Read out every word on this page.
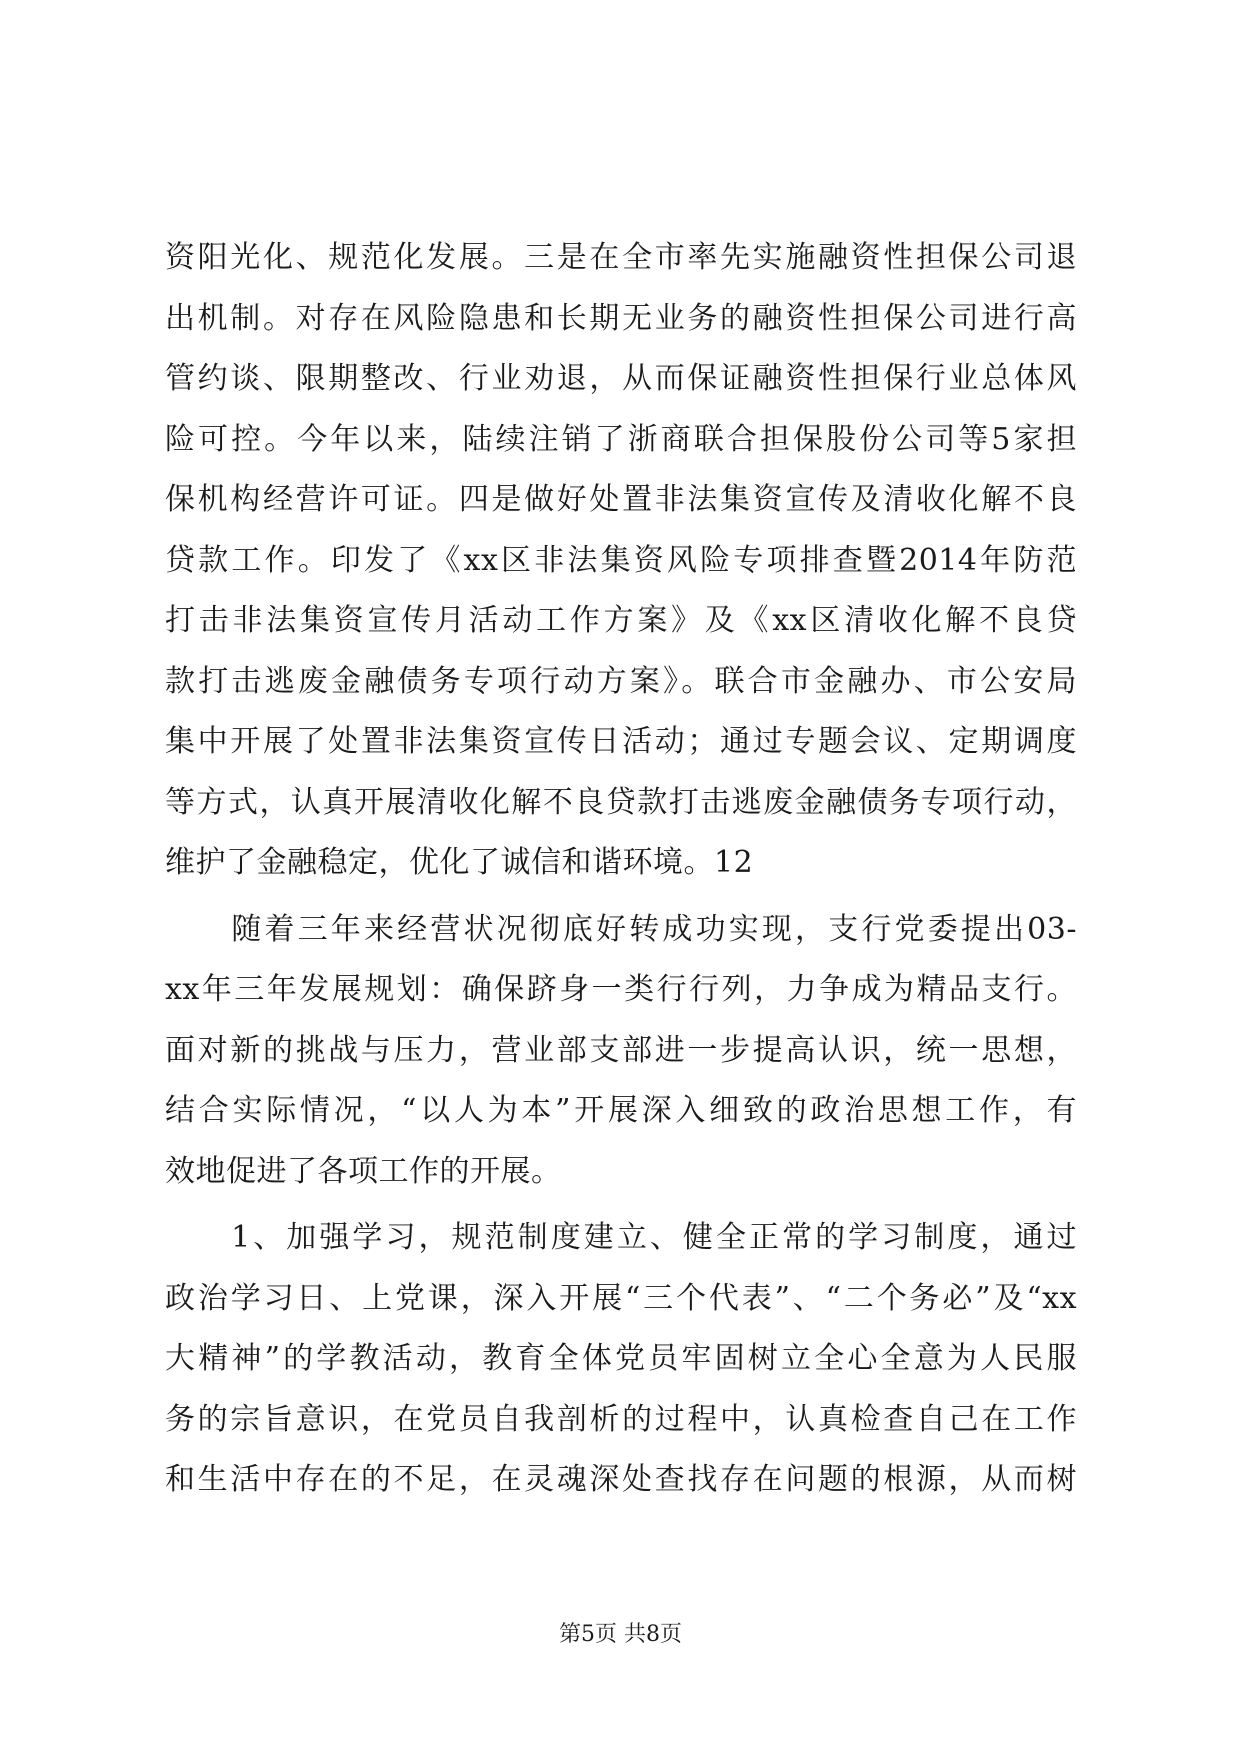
资阳光化、规范化发展。三是在全市率先实施融资性担保公司退
出机制。对存在风险隐患和长期无业务的融资性担保公司进行高
管约谈、限期整改、行业劝退，从而保证融资性担保行业总体风
险可控。今年以来，陆续注销了浙商联合担保股份公司等5家担
保机构经营许可证。四是做好处置非法集资宣传及清收化解不良
贷款工作。印发了《xx区非法集资风险专项排查暨2014年防范
打击非法集资宣传月活动工作方案》及《xx区清收化解不良贷
款打击逃废金融债务专项行动方案》。联合市金融办、市公安局
集中开展了处置非法集资宣传日活动；通过专题会议、定期调度
等方式，认真开展清收化解不良贷款打击逃废金融债务专项行动，
维护了金融稳定，优化了诚信和谐环境。12
　　随着三年来经营状况彻底好转成功实现，支行党委提出03-
xx年三年发展规划：确保跻身一类行行列，力争成为精品支行。
面对新的挑战与压力，营业部支部进一步提高认识，统一思想，
结合实际情况，“以人为本”开展深入细致的政治思想工作，有
效地促进了各项工作的开展。
　　1、加强学习，规范制度建立、健全正常的学习制度，通过
政治学习日、上党课，深入开展“三个代表”、“二个务必”及“xx
大精神”的学教活动，教育全体党员牢固树立全心全意为人民服
务的宗旨意识，在党员自我剖析的过程中，认真检查自己在工作
和生活中存在的不足，在灵魂深处查找存在问题的根源，从而树
第5页 共8页
